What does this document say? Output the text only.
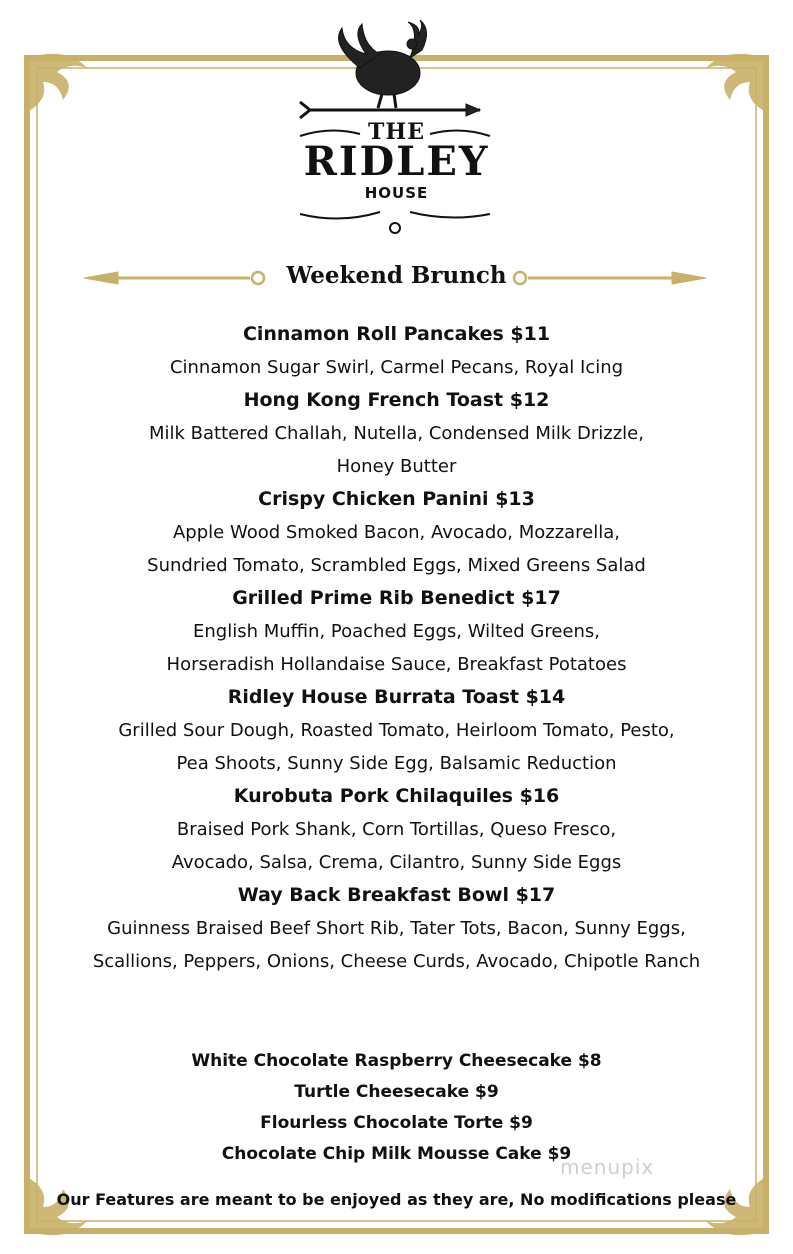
THE
RIDLEY
HOUSE
Weekend Brunch
Cinnamon Roll Pancakes $11
Cinnamon Sugar Swirl, Carmel Pecans, Royal Icing
Hong Kong French Toast $12
Milk Battered Challah, Nutella, Condensed Milk Drizzle,
Honey Butter
Crispy Chicken Panini $13
Apple Wood Smoked Bacon, Avocado, Mozzarella,
Sundried Tomato, Scrambled Eggs, Mixed Greens Salad
Grilled Prime Rib Benedict $17
English Muffin, Poached Eggs, Wilted Greens,
Horseradish Hollandaise Sauce, Breakfast Potatoes
Ridley House Burrata Toast $14
Grilled Sour Dough, Roasted Tomato, Heirloom Tomato, Pesto,
Pea Shoots, Sunny Side Egg, Balsamic Reduction
Kurobuta Pork Chilaquiles $16
Braised Pork Shank, Corn Tortillas, Queso Fresco,
Avocado, Salsa, Crema, Cilantro, Sunny Side Eggs
Way Back Breakfast Bowl $17
Guinness Braised Beef Short Rib, Tater Tots, Bacon, Sunny Eggs,
Scallions, Peppers, Onions, Cheese Curds, Avocado, Chipotle Ranch
White Chocolate Raspberry Cheesecake $8
Turtle Cheesecake $9
Flourless Chocolate Torte $9
Chocolate Chip Milk Mousse Cake $9
menupix
Our Features are meant to be enjoyed as they are, No modifications please
